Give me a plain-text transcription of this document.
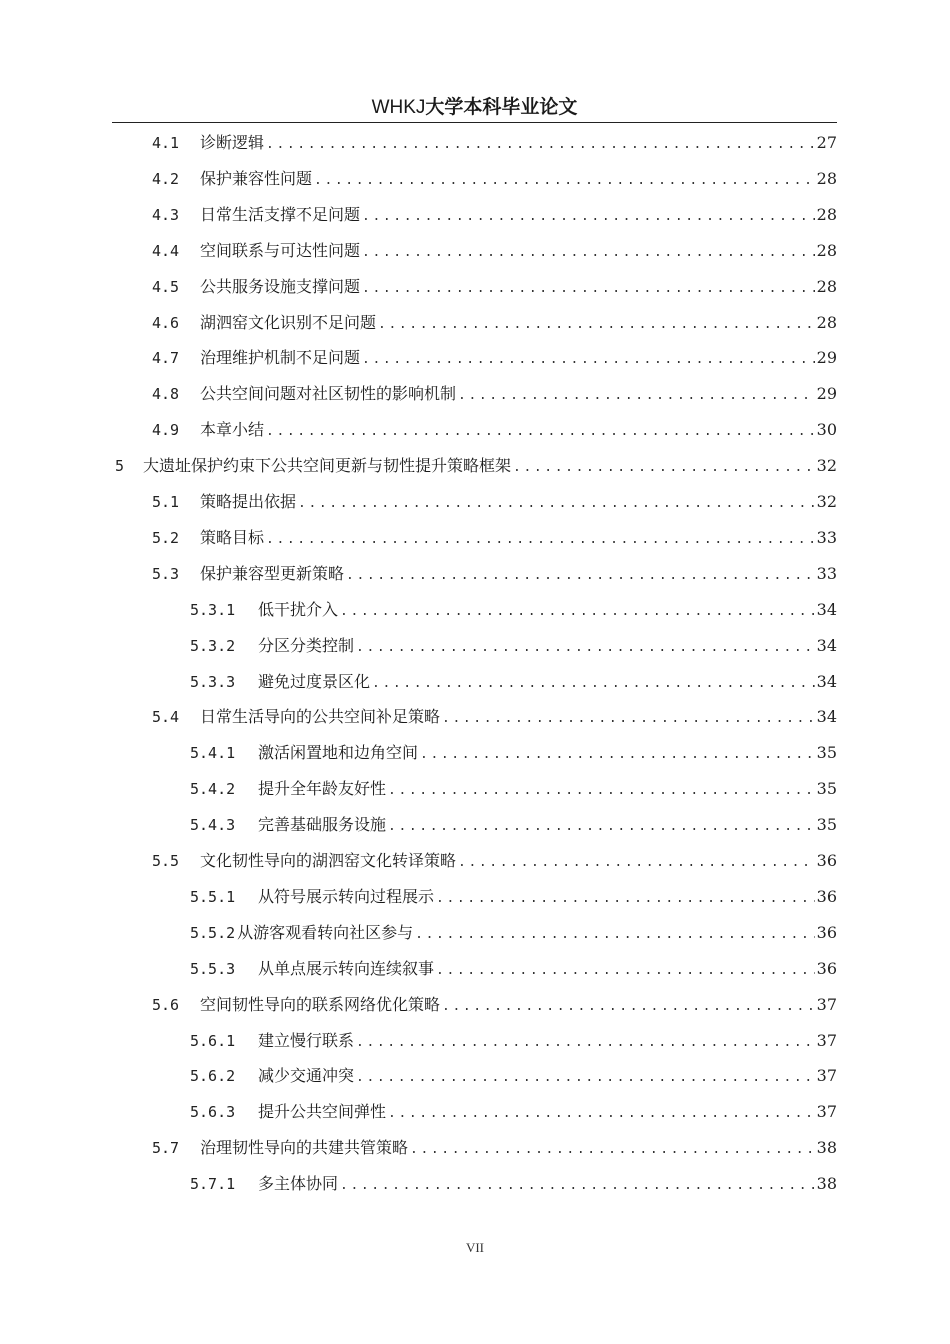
WHKJ大学本科毕业论文
4.1	诊断逻辑 .....	27
4.2	保护兼容性问题 .....	28
4.3	日常生活支撑不足问题 .....	28
4.4	空间联系与可达性问题 .....	28
4.5	公共服务设施支撑问题 .....	28
4.6	湖泗窑文化识别不足问题 .....	28
4.7	治理维护机制不足问题 .....	29
4.8	公共空间问题对社区韧性的影响机制 .....	29
4.9	本章小结 .....	30
5	大遗址保护约束下公共空间更新与韧性提升策略框架 .....	32
5.1	策略提出依据 .....	32
5.2	策略目标 .....	33
5.3	保护兼容型更新策略 .....	33
5.3.1	低干扰介入 .....	34
5.3.2	分区分类控制 .....	34
5.3.3	避免过度景区化 .....	34
5.4	日常生活导向的公共空间补足策略 .....	34
5.4.1	激活闲置地和边角空间 .....	35
5.4.2	提升全年龄友好性 .....	35
5.4.3	完善基础服务设施 .....	35
5.5	文化韧性导向的湖泗窑文化转译策略 .....	36
5.5.1	从符号展示转向过程展示 .....	36
5.5.2 从游客观看转向社区参与 .....	36
5.5.3	从单点展示转向连续叙事 .....	36
5.6	空间韧性导向的联系网络优化策略 .....	37
5.6.1	建立慢行联系 .....	37
5.6.2	减少交通冲突 .....	37
5.6.3	提升公共空间弹性 .....	37
5.7	治理韧性导向的共建共管策略 .....	38
5.7.1	多主体协同 .....	38
VII
